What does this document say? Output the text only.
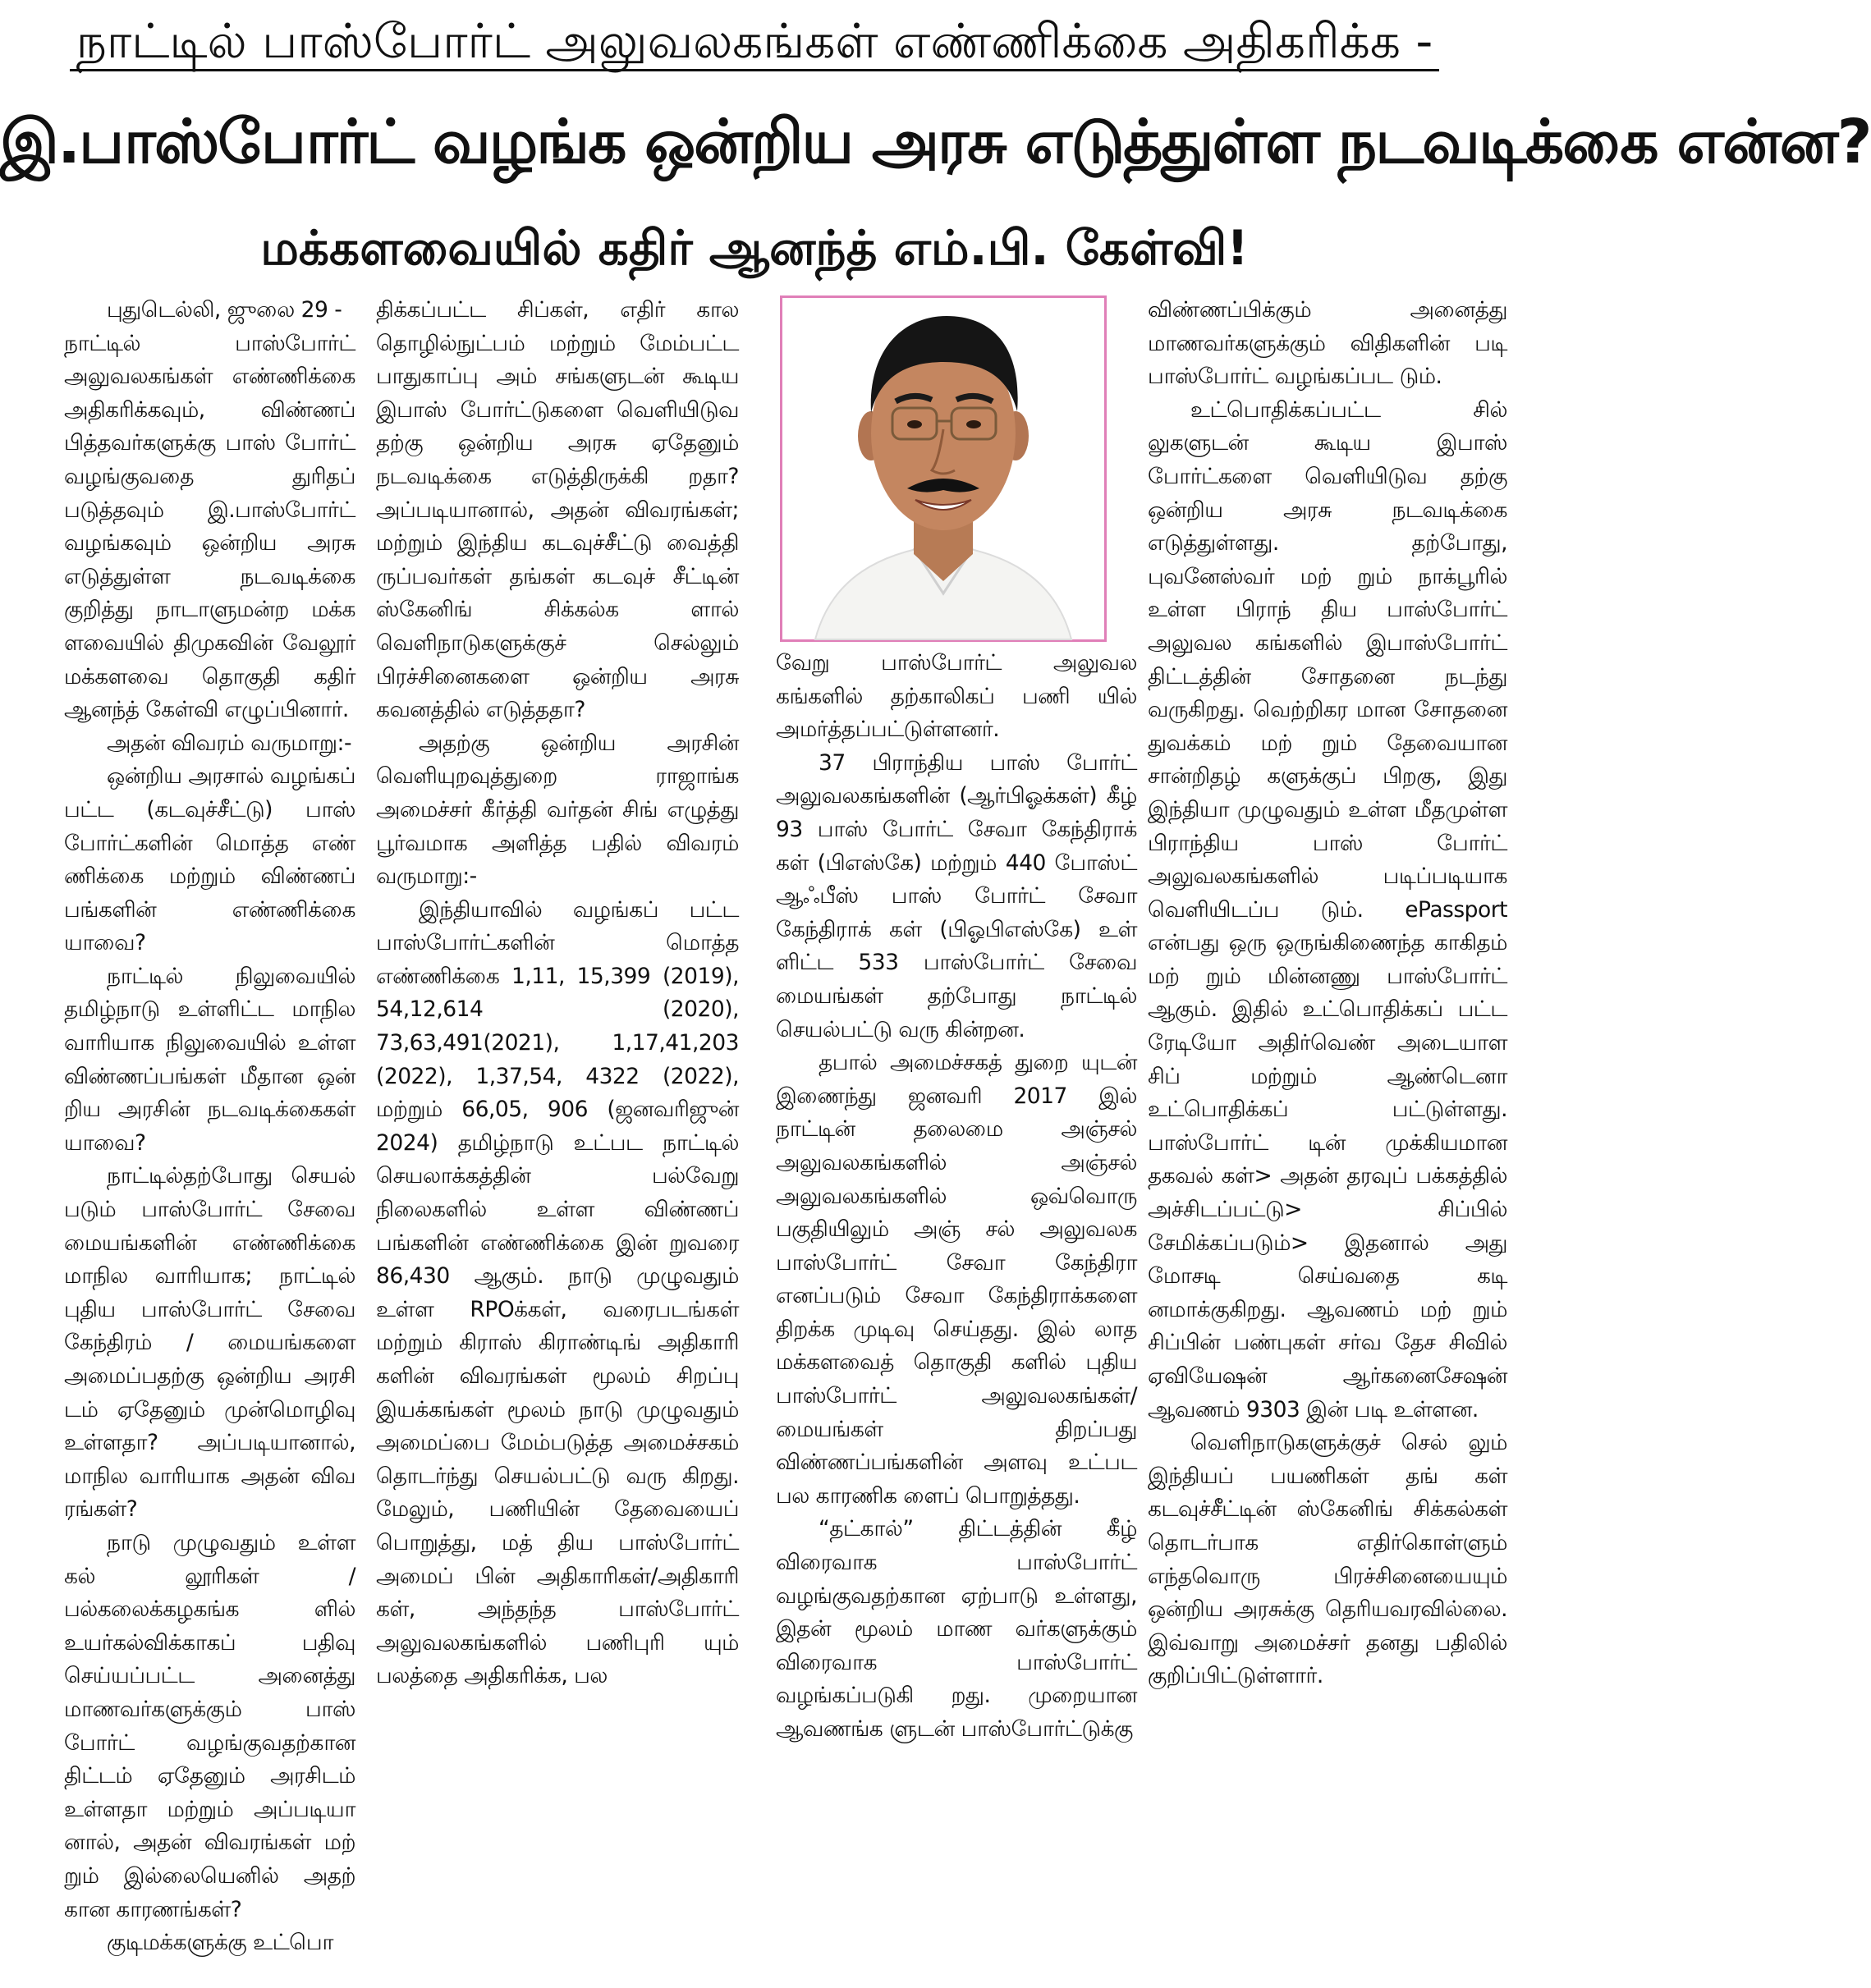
நாட்டில் பாஸ்போர்ட் அலுவலகங்கள் எண்ணிக்கை அதிகரிக்க -
இ.பாஸ்போர்ட் வழங்க ஒன்றிய அரசு எடுத்துள்ள நடவடிக்கை என்ன?
மக்களவையில் கதிர் ஆனந்த் எம்.பி. கேள்வி!

புதுடெல்லி, ஜுலை 29 -

நாட்டில் பாஸ்போர்ட் அலுவலகங்கள் எண்ணிக்கை அதிகரிக்கவும், விண்ணப் பித்தவர்களுக்கு பாஸ் போர்ட் வழங்குவதை துரிதப் படுத்தவும் இ.பாஸ்போர்ட் வழங்கவும் ஒன்றிய அரசு எடுத்துள்ள நடவடிக்கை குறித்து நாடாளுமன்ற மக்க ளவையில் திமுகவின் வேலூர் மக்களவை தொகுதி கதிர் ஆனந்த் கேள்வி எழுப்பினார்.

அதன் விவரம் வருமாறு:-

ஒன்றிய அரசால் வழங்கப் பட்ட (கடவுச்சீட்டு) பாஸ் போர்ட்களின் மொத்த எண் ணிக்கை மற்றும் விண்ணப் பங்களின் எண்ணிக்கை யாவை?

நாட்டில் நிலுவையில் தமிழ்நாடு உள்ளிட்ட மாநில வாரியாக நிலுவையில் உள்ள விண்ணப்பங்கள் மீதான ஒன் றிய அரசின் நடவடிக்கைகள் யாவை?

நாட்டில்தற்போது செயல் படும் பாஸ்போர்ட் சேவை மையங்களின் எண்ணிக்கை மாநில வாரியாக; நாட்டில் புதிய பாஸ்போர்ட் சேவை கேந்திரம் / மையங்களை அமைப்பதற்கு ஒன்றிய அரசி டம் ஏதேனும் முன்மொழிவு உள்ளதா? அப்படியானால், மாநில வாரியாக அதன் விவ ரங்கள்?

நாடு முழுவதும் உள்ள கல் லூரிகள் /பல்கலைக்கழகங்க ளில் உயர்கல்விக்காகப் பதிவு செய்யப்பட்ட அனைத்து மாணவர்களுக்கும் பாஸ் போர்ட் வழங்குவதற்கான திட்டம் ஏதேனும் அரசிடம் உள்ளதா மற்றும் அப்படியா னால், அதன் விவரங்கள் மற் றும் இல்லையெனில் அதற் கான காரணங்கள்?

குடிமக்களுக்கு உட்பொ

திக்கப்பட்ட சிப்கள், எதிர் கால தொழில்நுட்பம் மற்றும் மேம்பட்ட பாதுகாப்பு அம் சங்களுடன் கூடிய இபாஸ் போர்ட்டுகளை வெளியிடுவ தற்கு ஒன்றிய அரசு ஏதேனும் நடவடிக்கை எடுத்திருக்கி றதா? அப்படியானால், அதன் விவரங்கள்; மற்றும் இந்திய கடவுச்சீட்டு வைத்தி ருப்பவர்கள் தங்கள் கடவுச் சீட்டின் ஸ்கேனிங் சிக்கல்க ளால் வெளிநாடுகளுக்குச் செல்லும் பிரச்சினைகளை ஒன்றிய அரசு கவனத்தில் எடுத்ததா?

அதற்கு ஒன்றிய அரசின் வெளியுறவுத்துறை ராஜாங்க அமைச்சர் கீர்த்தி வர்தன் சிங் எழுத்து பூர்வமாக அளித்த பதில் விவரம் வருமாறு:-

இந்தியாவில் வழங்கப் பட்ட பாஸ்போர்ட்களின் மொத்த எண்ணிக்கை 1,11, 15,399 (2019), 54,12,614 (2020), 73,63,491(2021), 1,17,41,203 (2022), 1,37,54, 4322 (2022), மற்றும் 66,05, 906 (ஜனவரிஜுன் 2024) தமிழ்நாடு உட்பட நாட்டில் செயலாக்கத்தின் பல்வேறு நிலைகளில் உள்ள விண்ணப் பங்களின் எண்ணிக்கை இன் றுவரை 86,430 ஆகும். நாடு முழுவதும் உள்ள RPOக்கள், வரைபடங்கள் மற்றும் கிராஸ் கிராண்டிங் அதிகாரி களின் விவரங்கள் மூலம் சிறப்பு இயக்கங்கள் மூலம் நாடு முழுவதும் அமைப்பை மேம்படுத்த அமைச்சகம் தொடர்ந்து செயல்பட்டு வரு கிறது. மேலும், பணியின் தேவையைப் பொறுத்து, மத் திய பாஸ்போர்ட் அமைப் பின் அதிகாரிகள்/அதிகாரி கள், அந்தந்த பாஸ்போர்ட் அலுவலகங்களில் பணிபுரி யும் பலத்தை அதிகரிக்க, பல

வேறு பாஸ்போர்ட் அலுவல கங்களில் தற்காலிகப் பணி யில் அமர்த்தப்பட்டுள்ளனர்.

37 பிராந்திய பாஸ் போர்ட் அலுவலகங்களின் (ஆர்பிஓக்கள்) கீழ் 93 பாஸ் போர்ட் சேவா கேந்திராக் கள் (பிஎஸ்கே) மற்றும் 440 போஸ்ட் ஆஃபீஸ் பாஸ் போர்ட் சேவா கேந்திராக் கள் (பிஓபிஎஸ்கே) உள் ளிட்ட 533 பாஸ்போர்ட் சேவை மையங்கள் தற்போது நாட்டில் செயல்பட்டு வரு கின்றன.

தபால் அமைச்சகத் துறை யுடன் இணைந்து ஜனவரி 2017 இல் நாட்டின் தலைமை அஞ்சல் அலுவலகங்களில் அஞ்சல் அலுவலகங்களில் ஒவ்வொரு பகுதியிலும் அஞ் சல் அலுவலக பாஸ்போர்ட் சேவா கேந்திரா எனப்படும் சேவா கேந்திராக்களை திறக்க முடிவு செய்தது. இல் லாத மக்களவைத் தொகுதி களில் புதிய பாஸ்போர்ட் அலுவலகங்கள்/ மையங்கள் திறப்பது விண்ணப்பங்களின் அளவு உட்பட பல காரணிக ளைப் பொறுத்தது.

“தட்கால்” திட்டத்தின் கீழ் விரைவாக பாஸ்போர்ட் வழங்குவதற்கான ஏற்பாடு உள்ளது, இதன் மூலம் மாண வர்களுக்கும் விரைவாக பாஸ்போர்ட் வழங்கப்படுகி றது. முறையான ஆவணங்க ளுடன் பாஸ்போர்ட்டுக்கு

விண்ணப்பிக்கும் அனைத்து மாணவர்களுக்கும் விதிகளின் படி பாஸ்போர்ட் வழங்கப்பட டும்.

உட்பொதிக்கப்பட்ட சில் லுகளுடன் கூடிய இபாஸ் போர்ட்களை வெளியிடுவ தற்கு ஒன்றிய அரசு நடவடிக்கை எடுத்துள்ளது. தற்போது, புவனேஸ்வர் மற் றும் நாக்பூரில் உள்ள பிராந் திய பாஸ்போர்ட் அலுவல கங்களில் இபாஸ்போர்ட் திட்டத்தின் சோதனை நடந்து வருகிறது. வெற்றிகர மான சோதனை துவக்கம் மற் றும் தேவையான சான்றிதழ் களுக்குப் பிறகு, இது இந்தியா முழுவதும் உள்ள மீதமுள்ள பிராந்திய பாஸ் போர்ட் அலுவலகங்களில் படிப்படியாக வெளியிடப்ப டும். ePassport என்பது ஒரு ஒருங்கிணைந்த காகிதம் மற் றும் மின்னணு பாஸ்போர்ட் ஆகும். இதில் உட்பொதிக்கப் பட்ட ரேடியோ அதிர்வெண் அடையாள சிப் மற்றும் ஆண்டெனா உட்பொதிக்கப் பட்டுள்ளது. பாஸ்போர்ட் டின் முக்கியமான தகவல் கள்> அதன் தரவுப் பக்கத்தில் அச்சிடப்பட்டு> சிப்பில் சேமிக்கப்படும்> இதனால் அது மோசடி செய்வதை கடி னமாக்குகிறது. ஆவணம் மற் றும் சிப்பின் பண்புகள் சர்வ தேச சிவில் ஏவியேஷன் ஆர்கனைசேஷன் ஆவணம் 9303 இன் படி உள்ளன.

வெளிநாடுகளுக்குச் செல் லும் இந்தியப் பயணிகள் தங் கள் கடவுச்சீட்டின் ஸ்கேனிங் சிக்கல்கள் தொடர்பாக எதிர்கொள்ளும் எந்தவொரு பிரச்சினையையும் ஒன்றிய அரசுக்கு தெரியவரவில்லை. இவ்வாறு அமைச்சர் தனது பதிலில் குறிப்பிட்டுள்ளார்.
